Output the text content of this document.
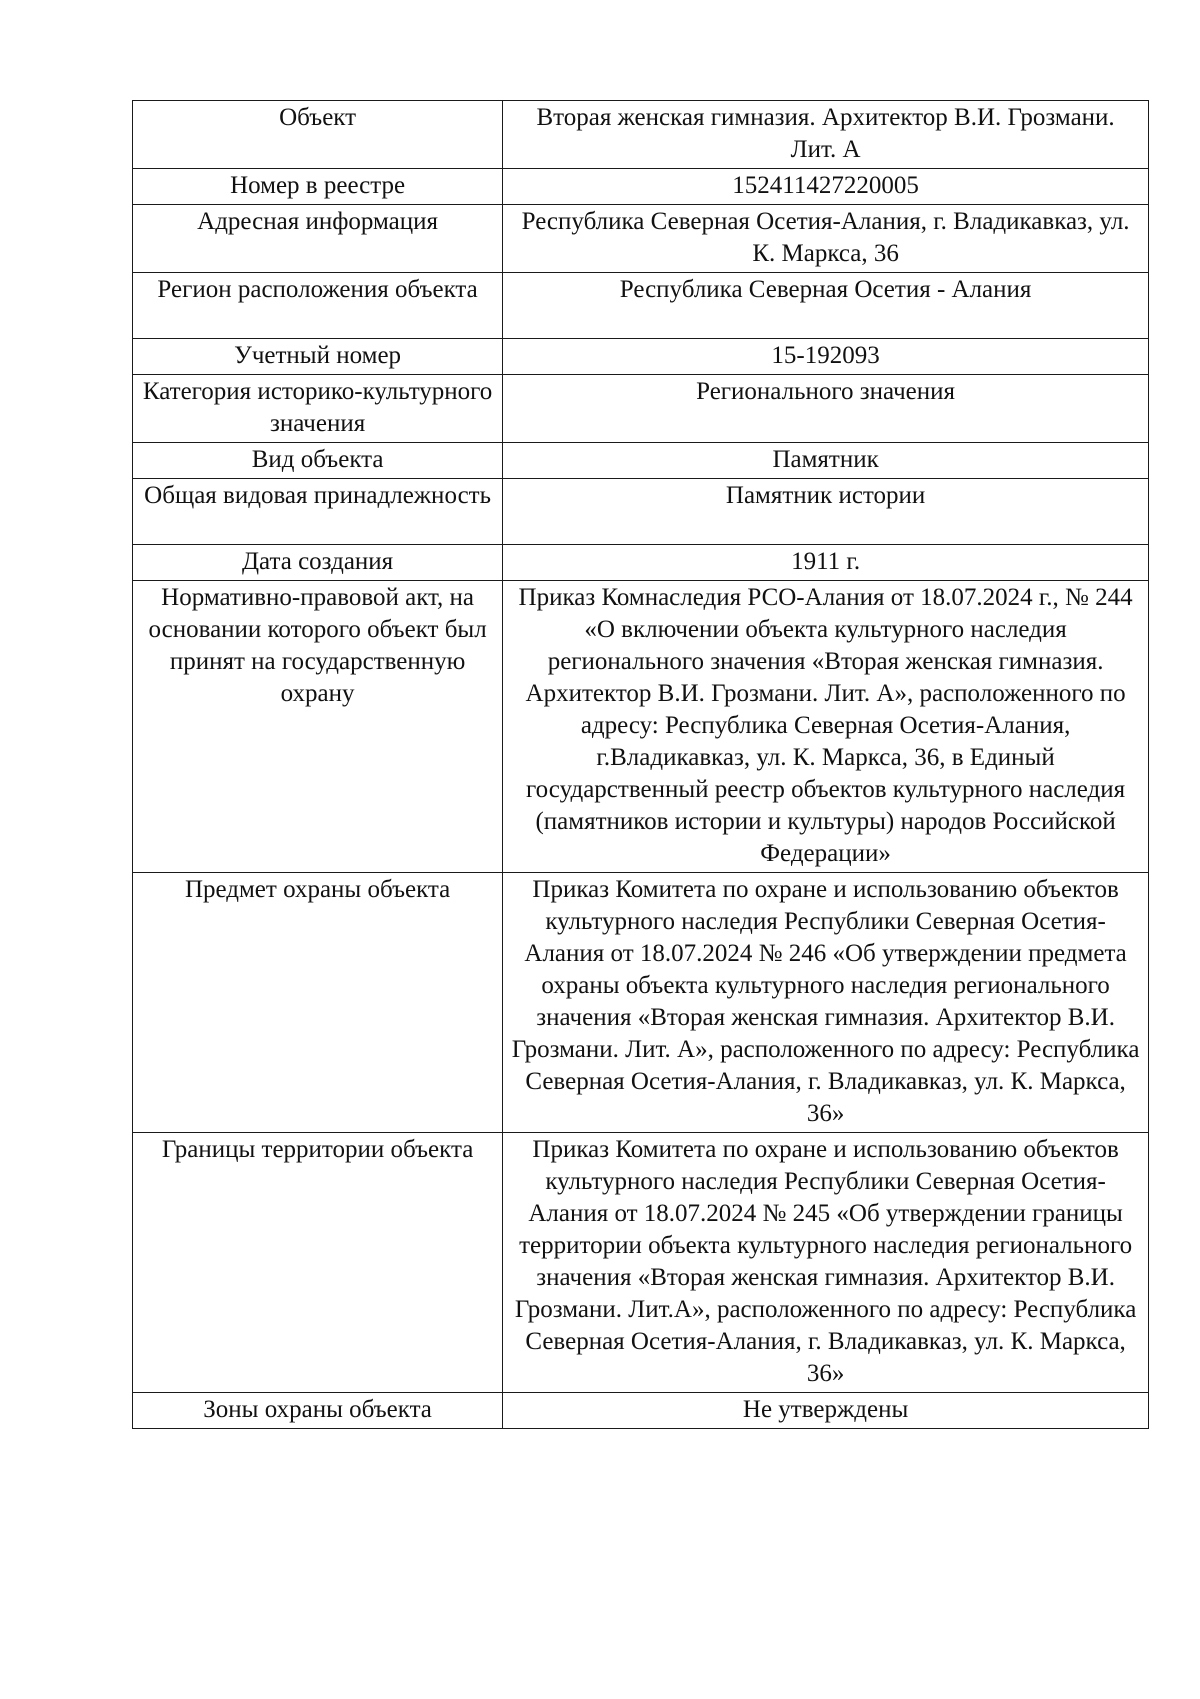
Объект	Вторая женская гимназия. Архитектор В.И. Грозмани. Лит. А
Номер в реестре	152411427220005
Адресная информация	Республика Северная Осетия-Алания, г. Владикавказ, ул. К. Маркса, 36
Регион расположения объекта	Республика Северная Осетия - Алания
Учетный номер	15-192093
Категория историко-культурного значения	Регионального значения
Вид объекта	Памятник
Общая видовая принадлежность	Памятник истории
Дата создания	1911 г.
Нормативно-правовой акт, на основании которого объект был принят на государственную охрану	Приказ Комнаследия РСО-Алания от 18.07.2024 г., № 244 «О включении объекта культурного наследия регионального значения «Вторая женская гимназия. Архитектор В.И. Грозмани. Лит. А», расположенного по адресу: Республика Северная Осетия-Алания, г.Владикавказ, ул. К. Маркса, 36, в Единый государственный реестр объектов культурного наследия (памятников истории и культуры) народов Российской Федерации»
Предмет охраны объекта	Приказ Комитета по охране и использованию объектов культурного наследия Республики Северная Осетия-Алания от 18.07.2024 № 246 «Об утверждении предмета охраны объекта культурного наследия регионального значения «Вторая женская гимназия. Архитектор В.И. Грозмани. Лит. А», расположенного по адресу: Республика Северная Осетия-Алания, г. Владикавказ, ул. К. Маркса, 36»
Границы территории объекта	Приказ Комитета по охране и использованию объектов культурного наследия Республики Северная Осетия-Алания от 18.07.2024 № 245 «Об утверждении границы территории объекта культурного наследия регионального значения «Вторая женская гимназия. Архитектор В.И. Грозмани. Лит.А», расположенного по адресу: Республика Северная Осетия-Алания, г. Владикавказ, ул. К. Маркса, 36»
Зоны охраны объекта	Не утверждены
